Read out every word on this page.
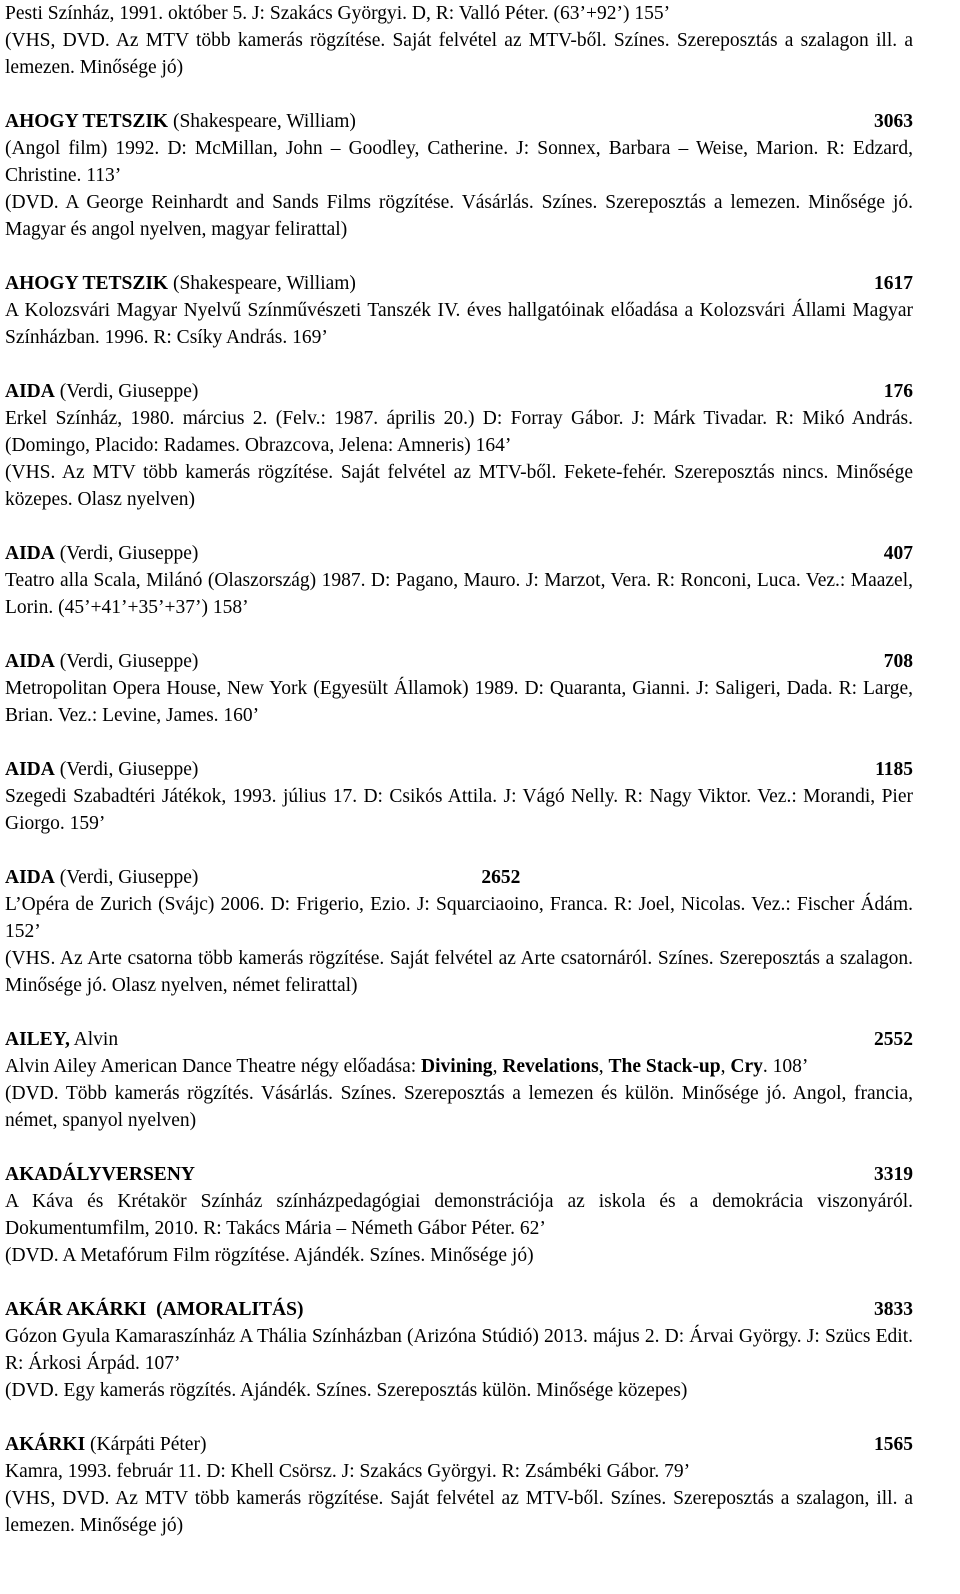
Pesti Színház, 1991. október 5. J: Szakács Györgyi. D, R: Valló Péter. (63’+92’) 155’

(VHS, DVD. Az MTV több kamerás rögzítése. Saját felvétel az MTV-ből. Színes. Szereposztás a szalagon ill. a lemezen. Minősége jó)

AHOGY TETSZIK (Shakespeare, William)	3063

(Angol film) 1992. D: McMillan, John – Goodley, Catherine. J: Sonnex, Barbara – Weise, Marion. R: Edzard, Christine. 113’

(DVD. A George Reinhardt and Sands Films rögzítése. Vásárlás. Színes. Szereposztás a lemezen. Minősége jó. Magyar és angol nyelven, magyar felirattal)

AHOGY TETSZIK (Shakespeare, William)	1617

A Kolozsvári Magyar Nyelvű Színművészeti Tanszék IV. éves hallgatóinak előadása a Kolozsvári Állami Magyar Színházban. 1996. R: Csíky András. 169’

AIDA (Verdi, Giuseppe)	176

Erkel Színház, 1980. március 2. (Felv.: 1987. április 20.) D: Forray Gábor. J: Márk Tivadar. R: Mikó András. (Domingo, Placido: Radames. Obrazcova, Jelena: Amneris) 164’

(VHS. Az MTV több kamerás rögzítése. Saját felvétel az MTV-ből. Fekete-fehér. Szereposztás nincs. Minősége közepes. Olasz nyelven)

AIDA (Verdi, Giuseppe)	407

Teatro alla Scala, Milánó (Olaszország) 1987. D: Pagano, Mauro. J: Marzot, Vera. R: Ronconi, Luca. Vez.: Maazel, Lorin. (45’+41’+35’+37’) 158’

AIDA (Verdi, Giuseppe)	708

Metropolitan Opera House, New York (Egyesült Államok) 1989. D: Quaranta, Gianni. J: Saligeri, Dada. R: Large, Brian. Vez.: Levine, James. 160’

AIDA (Verdi, Giuseppe)	1185

Szegedi Szabadtéri Játékok, 1993. július 17. D: Csikós Attila. J: Vágó Nelly. R: Nagy Viktor. Vez.: Morandi, Pier Giorgo. 159’

AIDA (Verdi, Giuseppe)	2652

L’Opéra de Zurich (Svájc) 2006. D: Frigerio, Ezio. J: Squarciaoino, Franca. R: Joel, Nicolas. Vez.: Fischer Ádám. 152’

(VHS. Az Arte csatorna több kamerás rögzítése. Saját felvétel az Arte csatornáról. Színes. Szereposztás a szalagon. Minősége jó. Olasz nyelven, német felirattal)

AILEY, Alvin	2552

Alvin Ailey American Dance Theatre négy előadása: Divining, Revelations, The Stack-up, Cry. 108’

(DVD. Több kamerás rögzítés. Vásárlás. Színes. Szereposztás a lemezen és külön. Minősége jó. Angol, francia, német, spanyol nyelven)

AKADÁLYVERSENY	3319

A Káva és Krétakör Színház színházpedagógiai demonstrációja az iskola és a demokrácia viszonyáról. Dokumentumfilm, 2010. R: Takács Mária – Németh Gábor Péter. 62’

(DVD. A Metafórum Film rögzítése. Ajándék. Színes. Minősége jó)

AKÁR AKÁRKI  (AMORALITÁS)	3833

Gózon Gyula Kamaraszínház A Thália Színházban (Arizóna Stúdió) 2013. május 2. D: Árvai György. J: Szücs Edit. R: Árkosi Árpád. 107’

(DVD. Egy kamerás rögzítés. Ajándék. Színes. Szereposztás külön. Minősége közepes)

AKÁRKI (Kárpáti Péter)	1565

Kamra, 1993. február 11. D: Khell Csörsz. J: Szakács Györgyi. R: Zsámbéki Gábor. 79’

(VHS, DVD. Az MTV több kamerás rögzítése. Saját felvétel az MTV-ből. Színes. Szereposztás a szalagon, ill. a lemezen. Minősége jó)
